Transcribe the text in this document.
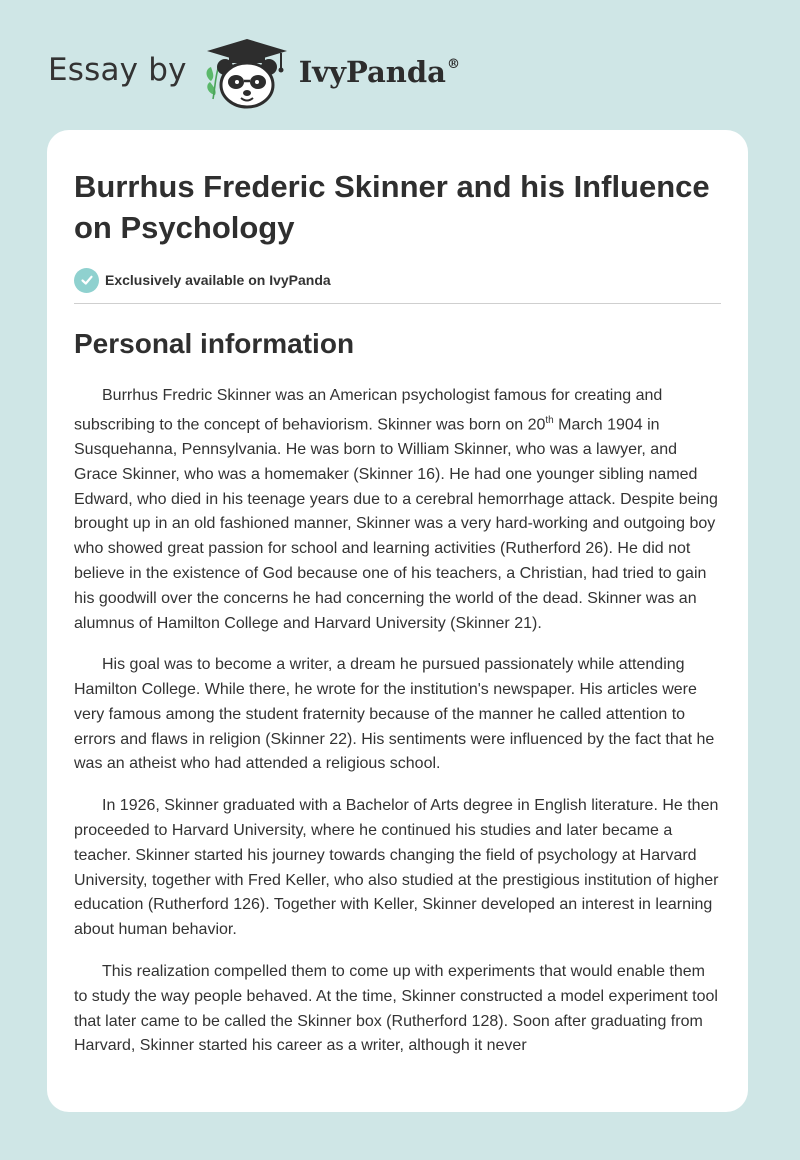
Essay by	IvyPanda®
Burrhus Frederic Skinner and his Influence on Psychology
Exclusively available on IvyPanda
Personal information

Burrhus Fredric Skinner was an American psychologist famous for creating and subscribing to the concept of behaviorism. Skinner was born on 20th March 1904 in Susquehanna, Pennsylvania. He was born to William Skinner, who was a lawyer, and Grace Skinner, who was a homemaker (Skinner 16). He had one younger sibling named Edward, who died in his teenage years due to a cerebral hemorrhage attack. Despite being brought up in an old fashioned manner, Skinner was a very hard-working and outgoing boy who showed great passion for school and learning activities (Rutherford 26). He did not believe in the existence of God because one of his teachers, a Christian, had tried to gain his goodwill over the concerns he had concerning the world of the dead. Skinner was an alumnus of Hamilton College and Harvard University (Skinner 21).

His goal was to become a writer, a dream he pursued passionately while attending Hamilton College. While there, he wrote for the institution's newspaper. His articles were very famous among the student fraternity because of the manner he called attention to errors and flaws in religion (Skinner 22). His sentiments were influenced by the fact that he was an atheist who had attended a religious school.

In 1926, Skinner graduated with a Bachelor of Arts degree in English literature. He then proceeded to Harvard University, where he continued his studies and later became a teacher. Skinner started his journey towards changing the field of psychology at Harvard University, together with Fred Keller, who also studied at the prestigious institution of higher education (Rutherford 126). Together with Keller, Skinner developed an interest in learning about human behavior.

This realization compelled them to come up with experiments that would enable them to study the way people behaved. At the time, Skinner constructed a model experiment tool that later came to be called the Skinner box (Rutherford 128). Soon after graduating from Harvard, Skinner started his career as a writer, although it never
